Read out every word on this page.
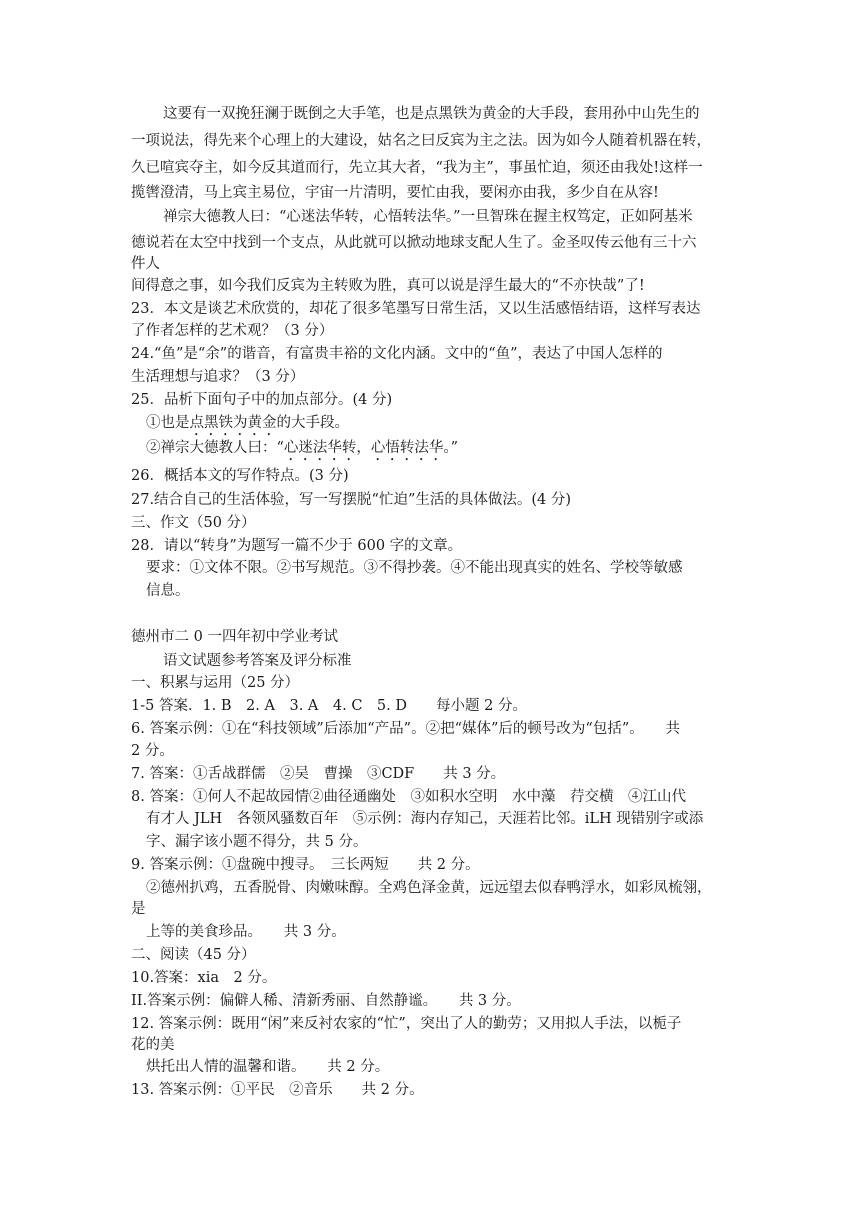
这要有一双挽狂澜于既倒之大手笔，也是点黑铁为黄金的大手段，套用孙中山先生的
一项说法，得先来个心理上的大建设，姑名之曰反宾为主之法。因为如今人随着机器在转，
久已喧宾夺主，如今反其道而行，先立其大者，“我为主”，事虽忙迫，须还由我处!这样一
揽辔澄清，马上宾主易位，宇宙一片清明，要忙由我，要闲亦由我，多少自在从容!
禅宗大德教人曰：“心迷法华转，心悟转法华。”一旦智珠在握主权笃定，正如阿基米
德说若在太空中找到一个支点，从此就可以掀动地球支配人生了。金圣叹传云他有三十六
件人
间得意之事，如今我们反宾为主转败为胜，真可以说是浮生最大的“不亦快哉”了!
23．本文是谈艺术欣赏的，却花了很多笔墨写日常生活，又以生活感悟结语，这样写表达
了作者怎样的艺术观？（3 分）
24.“鱼”是“余”的谐音，有富贵丰裕的文化内涵。文中的“鱼”，表达了中国人怎样的
生活理想与追求？（3 分）
25．品析下面句子中的加点部分。(4 分)
①也是点黑铁为黄金的大手段。
②禅宗大德教人曰：“心迷法华转，心悟转法华。”
26．概括本文的写作特点。(3 分)
27.结合自己的生活体验，写一写摆脱“忙迫”生活的具体做法。(4 分)
三、作文（50 分）
28．请以“转身”为题写一篇不少于 600 字的文章。
要求：①文体不限。②书写规范。③不得抄袭。④不能出现真实的姓名、学校等敏感
信息。
德州市二 0 一四年初中学业考试
语文试题参考答案及评分标准
一、积累与运用（25 分）
1-5 答案．1. B　2. A　3. A　4. C　5. D　　每小题 2 分。
6. 答案示例：①在“科技领域”后添加“产品”。②把“媒体”后的顿号改为“包括”。　　共
2 分。
7. 答案：①舌战群儒　②吴　曹操　③CDF　　共 3 分。
8. 答案：①何人不起故园情②曲径通幽处　③如积水空明　水中藻　荇交横　④江山代
有才人 JLH　各领风骚数百年　⑤示例：海内存知己，天涯若比邻。iLH 现错别字或添
字、漏字该小题不得分，共 5 分。
9. 答案示例：①盘碗中搜寻。　三长两短　　共 2 分。
②德州扒鸡，五香脱骨、肉嫩味醇。全鸡色泽金黄，远远望去似春鸭浮水，如彩凤梳翎，
是
上等的美食珍品。　　共 3 分。
二、阅读（45 分）
10.答案：xia　2 分。
II.答案示例：偏僻人稀、清新秀丽、自然静谧。　　共 3 分。
12. 答案示例：既用“闲”来反衬农家的“忙”，突出了人的勤劳；又用拟人手法，以栀子
花的美
烘托出人情的温馨和谐。　　共 2 分。
13. 答案示例：①平民　②音乐　　共 2 分。
